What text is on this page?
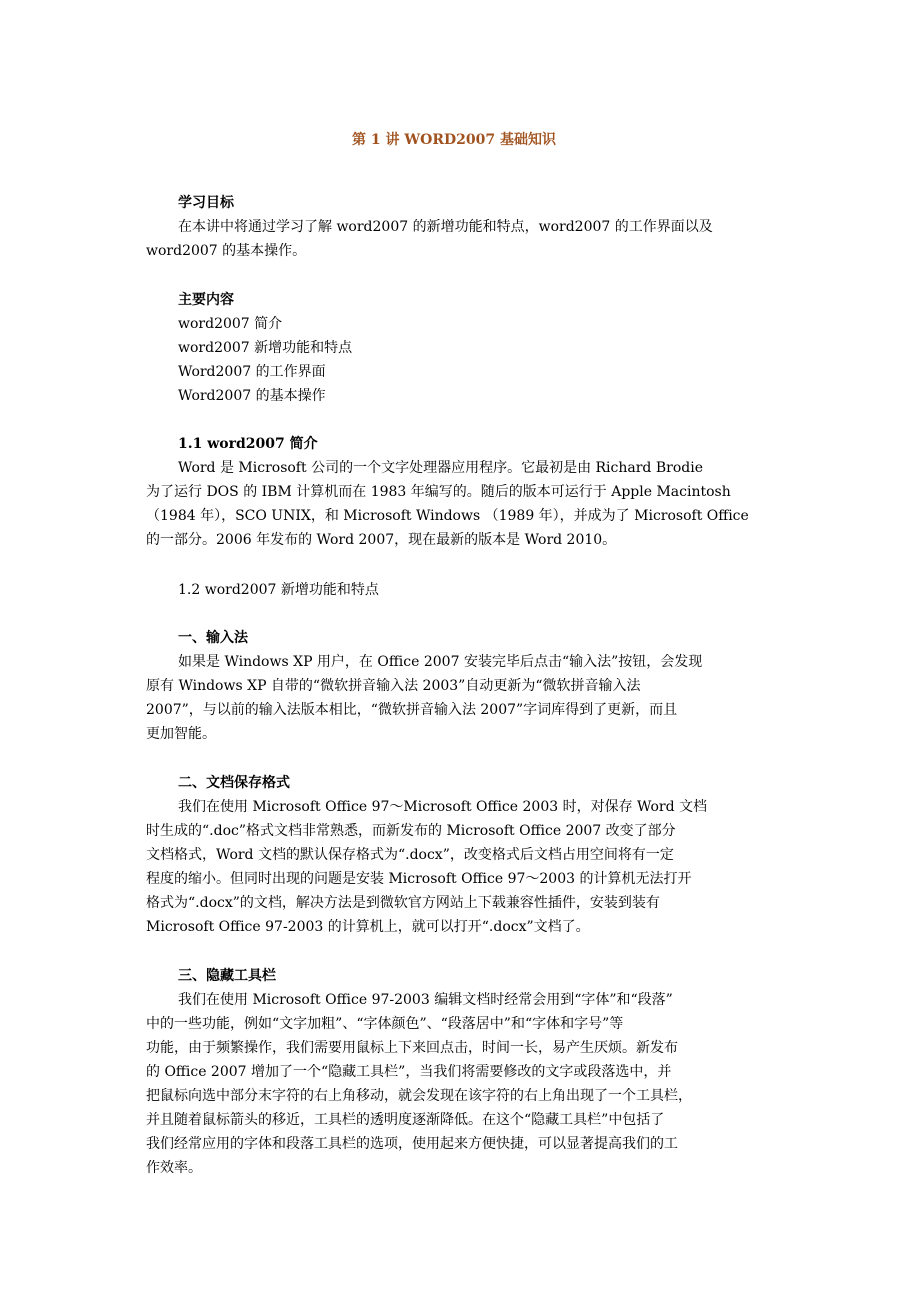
第 1 讲 WORD2007 基础知识
学习目标
在本讲中将通过学习了解 word2007 的新增功能和特点，word2007 的工作界面以及
word2007 的基本操作。
主要内容
word2007 简介
word2007 新增功能和特点
Word2007 的工作界面
Word2007 的基本操作
1.1 word2007 简介
Word 是 Microsoft 公司的一个文字处理器应用程序。它最初是由 Richard Brodie
为了运行 DOS 的 IBM 计算机而在 1983 年编写的。随后的版本可运行于 Apple Macintosh
（1984 年），SCO UNIX，和 Microsoft Windows （1989 年），并成为了 Microsoft Office
的一部分。2006 年发布的 Word 2007，现在最新的版本是 Word 2010。
1.2 word2007 新增功能和特点
一、输入法
如果是 Windows XP 用户，在 Office 2007 安装完毕后点击“输入法”按钮，会发现
原有 Windows XP 自带的“微软拼音输入法 2003”自动更新为“微软拼音输入法
2007”，与以前的输入法版本相比，“微软拼音输入法 2007”字词库得到了更新，而且
更加智能。
二、文档保存格式
我们在使用 Microsoft Office 97～Microsoft Office 2003 时，对保存 Word 文档
时生成的“.doc”格式文档非常熟悉，而新发布的 Microsoft Office 2007 改变了部分
文档格式，Word 文档的默认保存格式为“.docx”，改变格式后文档占用空间将有一定
程度的缩小。但同时出现的问题是安装 Microsoft Office 97～2003 的计算机无法打开
格式为“.docx”的文档，解决方法是到微软官方网站上下载兼容性插件，安装到装有
Microsoft Office 97-2003 的计算机上，就可以打开“.docx”文档了。
三、隐藏工具栏
我们在使用 Microsoft Office 97-2003 编辑文档时经常会用到“字体”和“段落”
中的一些功能，例如“文字加粗”、“字体颜色”、“段落居中”和“字体和字号”等
功能，由于频繁操作，我们需要用鼠标上下来回点击，时间一长，易产生厌烦。新发布
的 Office 2007 增加了一个“隐藏工具栏”，当我们将需要修改的文字或段落选中，并
把鼠标向选中部分末字符的右上角移动，就会发现在该字符的右上角出现了一个工具栏，
并且随着鼠标箭头的移近，工具栏的透明度逐渐降低。在这个“隐藏工具栏”中包括了
我们经常应用的字体和段落工具栏的选项，使用起来方便快捷，可以显著提高我们的工
作效率。
